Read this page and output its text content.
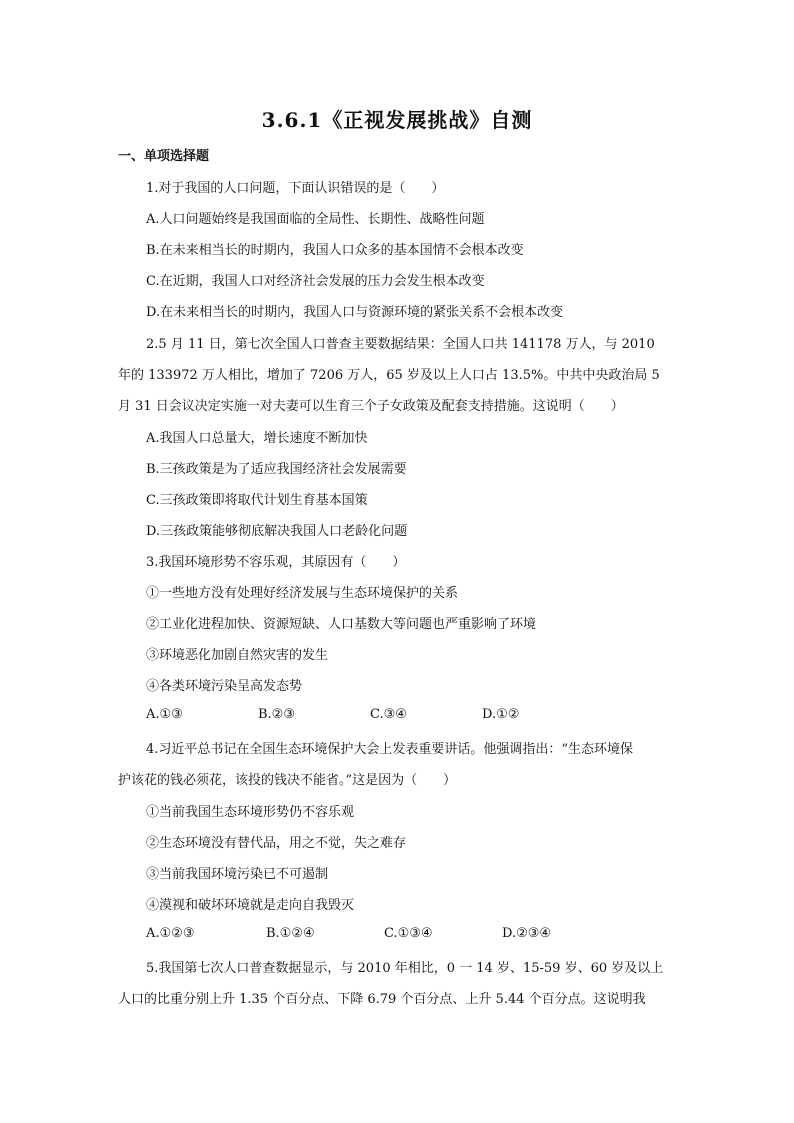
3.6.1《正视发展挑战》自测
一、单项选择题
1.对于我国的人口问题，下面认识错误的是（　　）
A.人口问题始终是我国面临的全局性、长期性、战略性问题
B.在未来相当长的时期内，我国人口众多的基本国情不会根本改变
C.在近期，我国人口对经济社会发展的压力会发生根本改变
D.在未来相当长的时期内，我国人口与资源环境的紧张关系不会根本改变
2.5 月 11 日，第七次全国人口普查主要数据结果：全国人口共 141178 万人，与 2010
年的 133972 万人相比，增加了 7206 万人，65 岁及以上人口占 13.5%。中共中央政治局 5
月 31 日会议决定实施一对夫妻可以生育三个子女政策及配套支持措施。这说明（　　）
A.我国人口总量大，增长速度不断加快
B.三孩政策是为了适应我国经济社会发展需要
C.三孩政策即将取代计划生育基本国策
D.三孩政策能够彻底解决我国人口老龄化问题
3.我国环境形势不容乐观，其原因有（　　）
①一些地方没有处理好经济发展与生态环境保护的关系
②工业化进程加快、资源短缺、人口基数大等问题也严重影响了环境
③环境恶化加剧自然灾害的发生
④各类环境污染呈高发态势
A.①③	B.②③	C.③④	D.①②
4.习近平总书记在全国生态环境保护大会上发表重要讲话。他强调指出：“生态环境保
护该花的钱必须花，该投的钱决不能省。”这是因为（　　）
①当前我国生态环境形势仍不容乐观
②生态环境没有替代品，用之不觉，失之难存
③当前我国环境污染已不可遏制
④漠视和破坏环境就是走向自我毁灭
A.①②③	B.①②④	C.①③④	D.②③④
5.我国第七次人口普查数据显示，与 2010 年相比，0 一 14 岁、15-59 岁、60 岁及以上
人口的比重分别上升 1.35 个百分点、下降 6.79 个百分点、上升 5.44 个百分点。这说明我
